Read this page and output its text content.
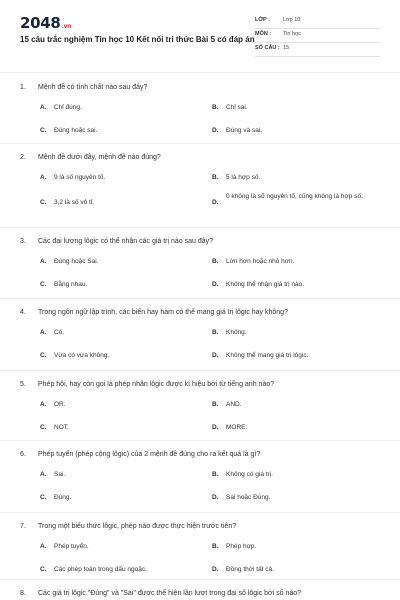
2048.vn
15 câu trắc nghiệm Tin học 10 Kết nối tri thức Bài 5 có đáp án
LỚP : Lớp 10
MÔN : Tin học
SỐ CÂU : 15
1. Mệnh đề có tính chất nào sau đây?
A. Chỉ đúng.	B. Chỉ sai.
C. Đúng hoặc sai.	D. Đúng và sai.
2. Mệnh đề dưới đây, mệnh đề nào đúng?
A. 9 là số nguyên tố.	B. 5 là hợp số.
C. 3,2 là số vô tỉ.	D.
0 không là số nguyên tố, cũng không là hợp số.
3. Các đại lượng lôgic có thể nhận các giá trị nào sau đây?
A. Đúng hoặc Sai.	B. Lớn hơn hoặc nhỏ hơn.
C. Bằng nhau.	D. Không thể nhận giá trị nào.
4. Trong ngôn ngữ lập trình, các biến hay hàm có thể mang giá trị lôgic hay không?
A. Có.	B. Không.
C. Vừa có vừa không.	D. Không thể mang giá trị lôgic.
5. Phép hội, hay còn gọi là phép nhân lôgic được kí hiệu bởi từ tiếng anh nào?
A. OR.	B. AND.
C. NOT.	D. MORE.
6. Phép tuyển (phép cộng lôgic) của 2 mệnh đề đúng cho ra kết quả là gì?
A. Sai.	B. Không có giá trị.
C. Đúng.	D. Sai hoặc Đúng.
7. Trong một biểu thức lôgic, phép nào được thực hiện trước tiên?
A. Phép tuyển.	B. Phép hợp.
C. Các phép toán trong dấu ngoặc.	D. Đồng thời tất cả.
8. Các giá trị lôgic "Đúng" và "Sai" được thể hiện lần lượt trong đại số lôgic bởi số nào?
